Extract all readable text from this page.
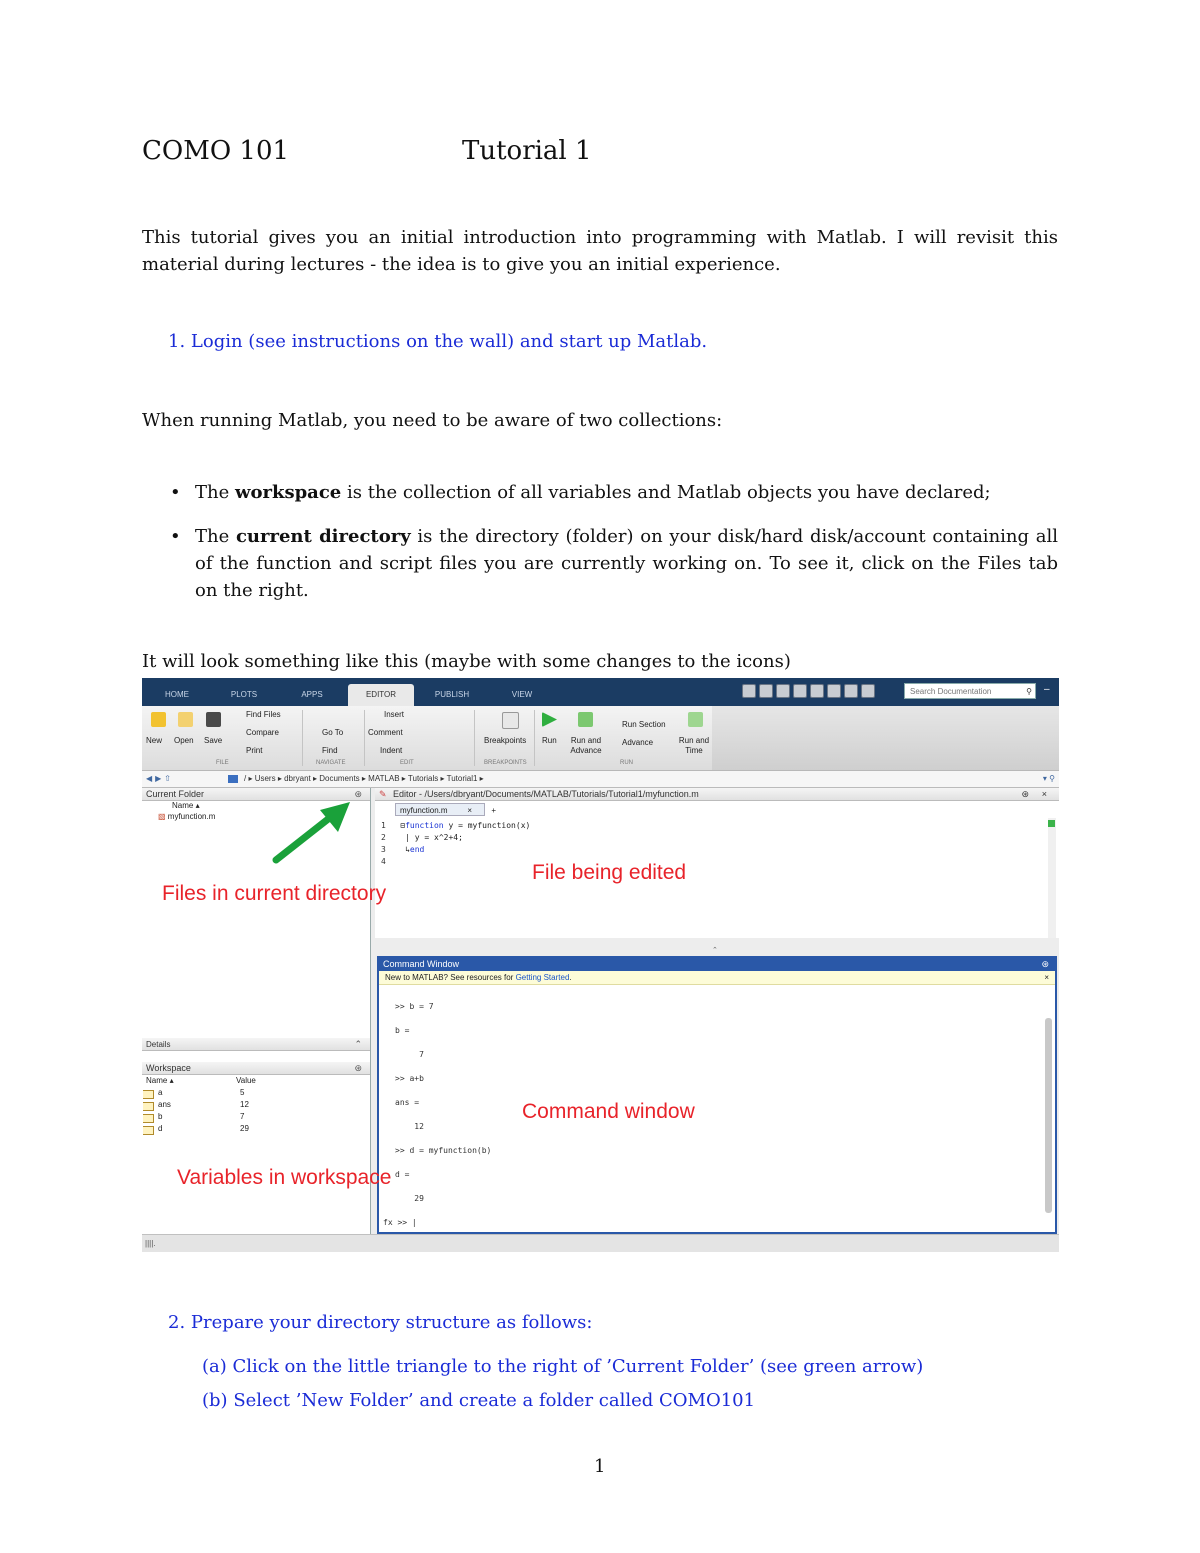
COMO 101	Tutorial 1
This tutorial gives you an initial introduction into programming with Matlab. I will revisit this material during lectures - the idea is to give you an initial experience.
1. Login (see instructions on the wall) and start up Matlab.
When running Matlab, you need to be aware of two collections:
• The workspace is the collection of all variables and Matlab objects you have declared;
• The current directory is the directory (folder) on your disk/hard disk/account containing all of the function and script files you are currently working on. To see it, click on the Files tab on the right.
It will look something like this (maybe with some changes to the icons)
HOME	PLOTS	APPS	EDITOR	PUBLISH	VIEW	Search Documentation	⚲ –
New Open Save
Find Files
Compare
Print
FILE
Go To
Find
NAVIGATE
Insert
Comment
Indent
EDIT
Breakpoints
BREAKPOINTS
Run	Run and Advance
Run Section
Advance	Run and Time
RUN
◀▶⇧	/ ▸ Users ▸ dbryant ▸ Documents ▸ MATLAB ▸ Tutorials ▸ Tutorial1 ▸	▾ ⚲
Current Folder	⊛
Name ▴
▧ myfunction.m
Details	⌃
Workspace	⊛
Name ▴	Value
a	5
ans	12
b	7
d	29
✎ Editor - /Users/dbryant/Documents/MATLAB/Tutorials/Tutorial1/myfunction.m	⊛ ×
myfunction.m × +
1   ⊟function y = myfunction(x)
2    | y = x^2+4;
3    ↳end
4
⌃
Command Window	⊛
New to MATLAB? See resources for Getting Started.	×
>> b = 7
b =
7
>> a+b
ans =
12
>> d = myfunction(b)
d =
29
fx >> |
||||.
Files in current directory
File being edited
Command window
Variables in workspace
2. Prepare your directory structure as follows:
(a) Click on the little triangle to the right of ’Current Folder’ (see green arrow)
(b) Select ’New Folder’ and create a folder called COMO101
1
